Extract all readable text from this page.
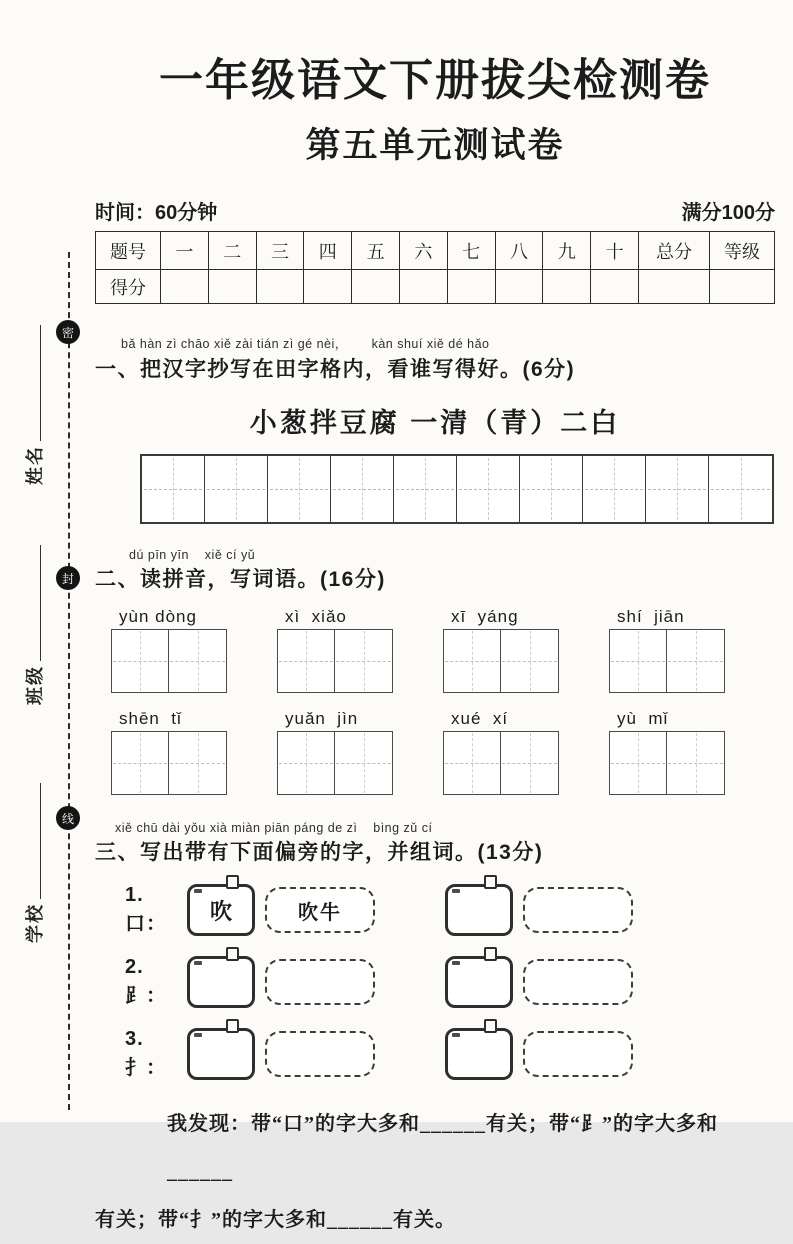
密
封
线
姓名
班级
学校
一年级语文下册拔尖检测卷
第五单元测试卷
时间：60分钟	满分100分
题号	一	二	三	四	五	六	七	八	九	十	总分	等级
得分												
bǎ hàn zì chāo xiě zài tián zì gé nèi，      kàn shuí xiě dé hǎo
一、把汉字抄写在田字格内，看谁写得好。(6分)
小葱拌豆腐 一清（青）二白
dú pīn yīn    xiě cí yǔ
二、读拼音，写词语。(16分)
yùn dòng	xì  xiǎo	xī  yáng	shí  jiān
shēn  tǐ	yuǎn  jìn	xué  xí	yù  mǐ
xiě chū dài yǒu xià miàn piān páng de zì    bìng zǔ cí
三、写出带有下面偏旁的字，并组词。(13分)
1. 口：
吹	吹牛
2. ⻊：
3. 扌：
我发现：带“口”的字大多和______有关；带“⻊”的字大多和______
有关；带“扌”的字大多和______有关。
